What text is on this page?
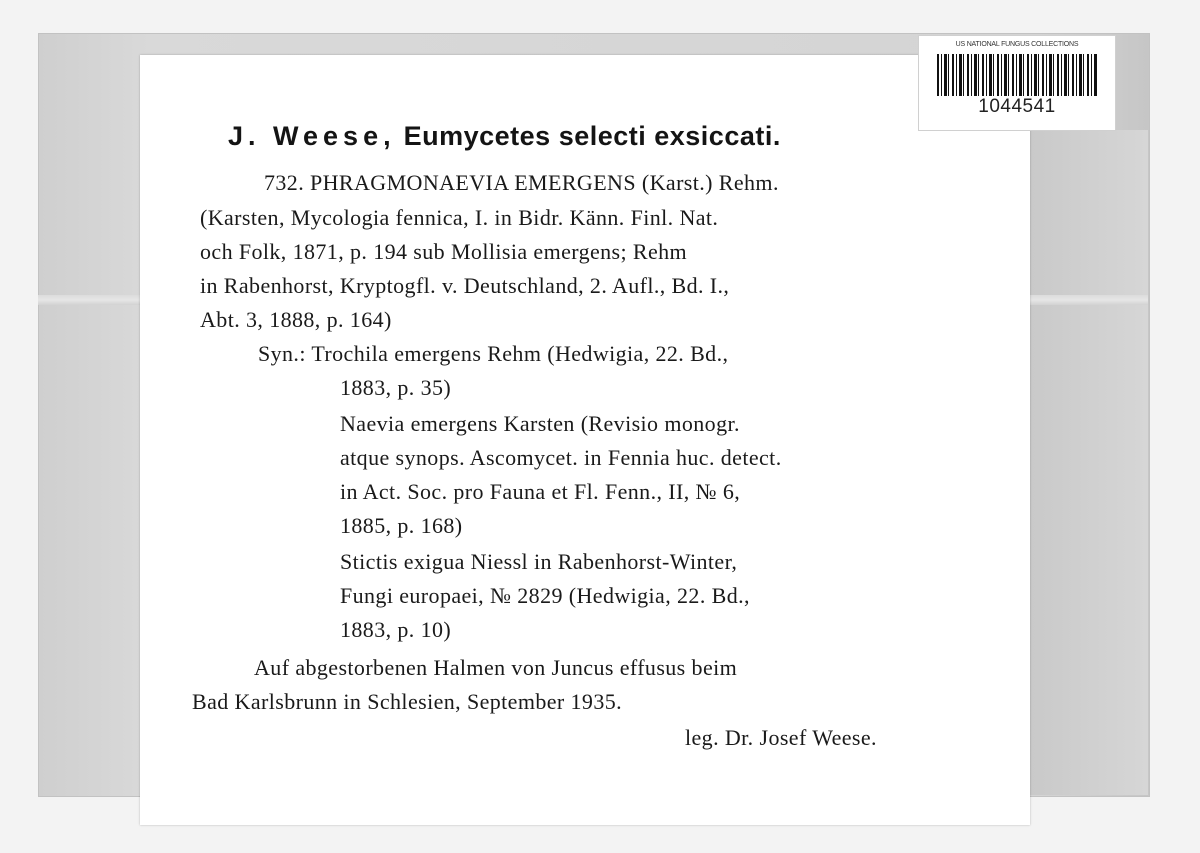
J. Weese, Eumycetes selecti exsiccati.
732. PHRAGMONAEVIA EMERGENS (Karst.) Rehm.
(Karsten, Mycologia fennica, I. in Bidr. Känn. Finl. Nat.
och Folk, 1871, p. 194 sub Mollisia emergens; Rehm
in Rabenhorst, Kryptogfl. v. Deutschland, 2. Aufl., Bd. I.,
Abt. 3, 1888, p. 164)
Syn.: Trochila emergens Rehm (Hedwigia, 22. Bd.,
1883, p. 35)
Naevia emergens Karsten (Revisio monogr.
atque synops. Ascomycet. in Fennia huc. detect.
in Act. Soc. pro Fauna et Fl. Fenn., II, № 6,
1885, p. 168)
Stictis exigua Niessl in Rabenhorst-Winter,
Fungi europaei, № 2829 (Hedwigia, 22. Bd.,
1883, p. 10)
Auf abgestorbenen Halmen von Juncus effusus beim
Bad Karlsbrunn in Schlesien, September 1935.
leg. Dr. Josef Weese.
US NATIONAL FUNGUS COLLECTIONS
1044541
